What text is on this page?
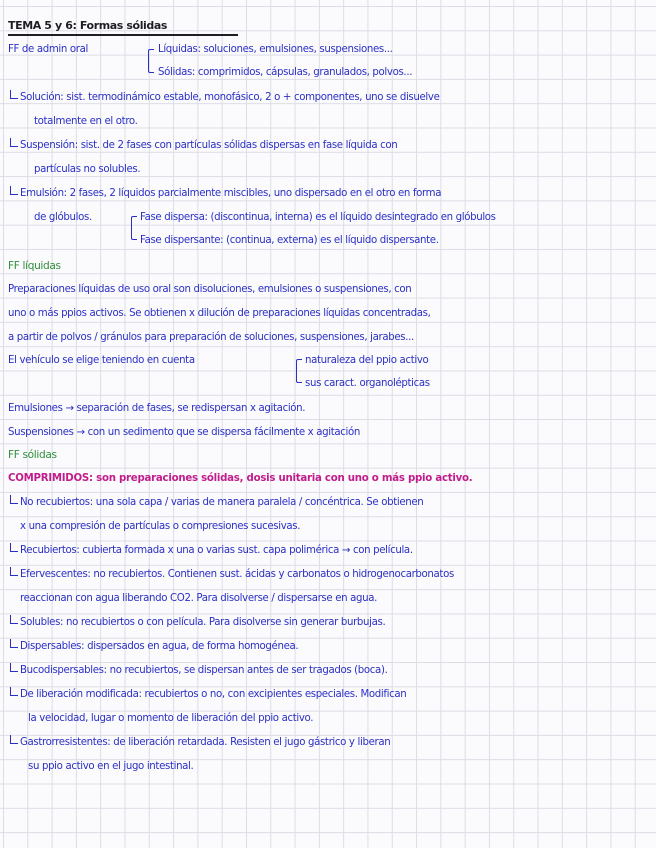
TEMA 5 y 6: Formas sólidas
FF de admin oral	Líquidas: soluciones, emulsiones, suspensiones...
Sólidas: comprimidos, cápsulas, granulados, polvos...
Solución: sist. termodinámico estable, monofásico, 2 o + componentes, uno se disuelve
totalmente en el otro.
Suspensión: sist. de 2 fases con partículas sólidas dispersas en fase líquida con
partículas no solubles.
Emulsión: 2 fases, 2 líquidos parcialmente miscibles, uno dispersado en el otro en forma
de glóbulos.	Fase dispersa: (discontinua, interna) es el líquido desintegrado en glóbulos
Fase dispersante: (continua, externa) es el líquido dispersante.
FF líquidas
Preparaciones líquidas de uso oral son disoluciones, emulsiones o suspensiones, con
uno o más ppios activos. Se obtienen x dilución de preparaciones líquidas concentradas,
a partir de polvos / gránulos para preparación de soluciones, suspensiones, jarabes...
El vehículo se elige teniendo en cuenta	naturaleza del ppio activo
sus caract. organolépticas
Emulsiones → separación de fases, se redispersan x agitación.
Suspensiones → con un sedimento que se dispersa fácilmente x agitación
FF sólidas
COMPRIMIDOS: son preparaciones sólidas, dosis unitaria con uno o más ppio activo.
No recubiertos: una sola capa / varias de manera paralela / concéntrica. Se obtienen
x una compresión de partículas o compresiones sucesivas.
Recubiertos: cubierta formada x una o varias sust. capa polimérica → con película.
Efervescentes: no recubiertos. Contienen sust. ácidas y carbonatos o hidrogenocarbonatos
reaccionan con agua liberando CO2. Para disolverse / dispersarse en agua.
Solubles: no recubiertos o con película. Para disolverse sin generar burbujas.
Dispersables: dispersados en agua, de forma homogénea.
Bucodispersables: no recubiertos, se dispersan antes de ser tragados (boca).
De liberación modificada: recubiertos o no, con excipientes especiales. Modifican
la velocidad, lugar o momento de liberación del ppio activo.
Gastrorresistentes: de liberación retardada. Resisten el jugo gástrico y liberan
su ppio activo en el jugo intestinal.
